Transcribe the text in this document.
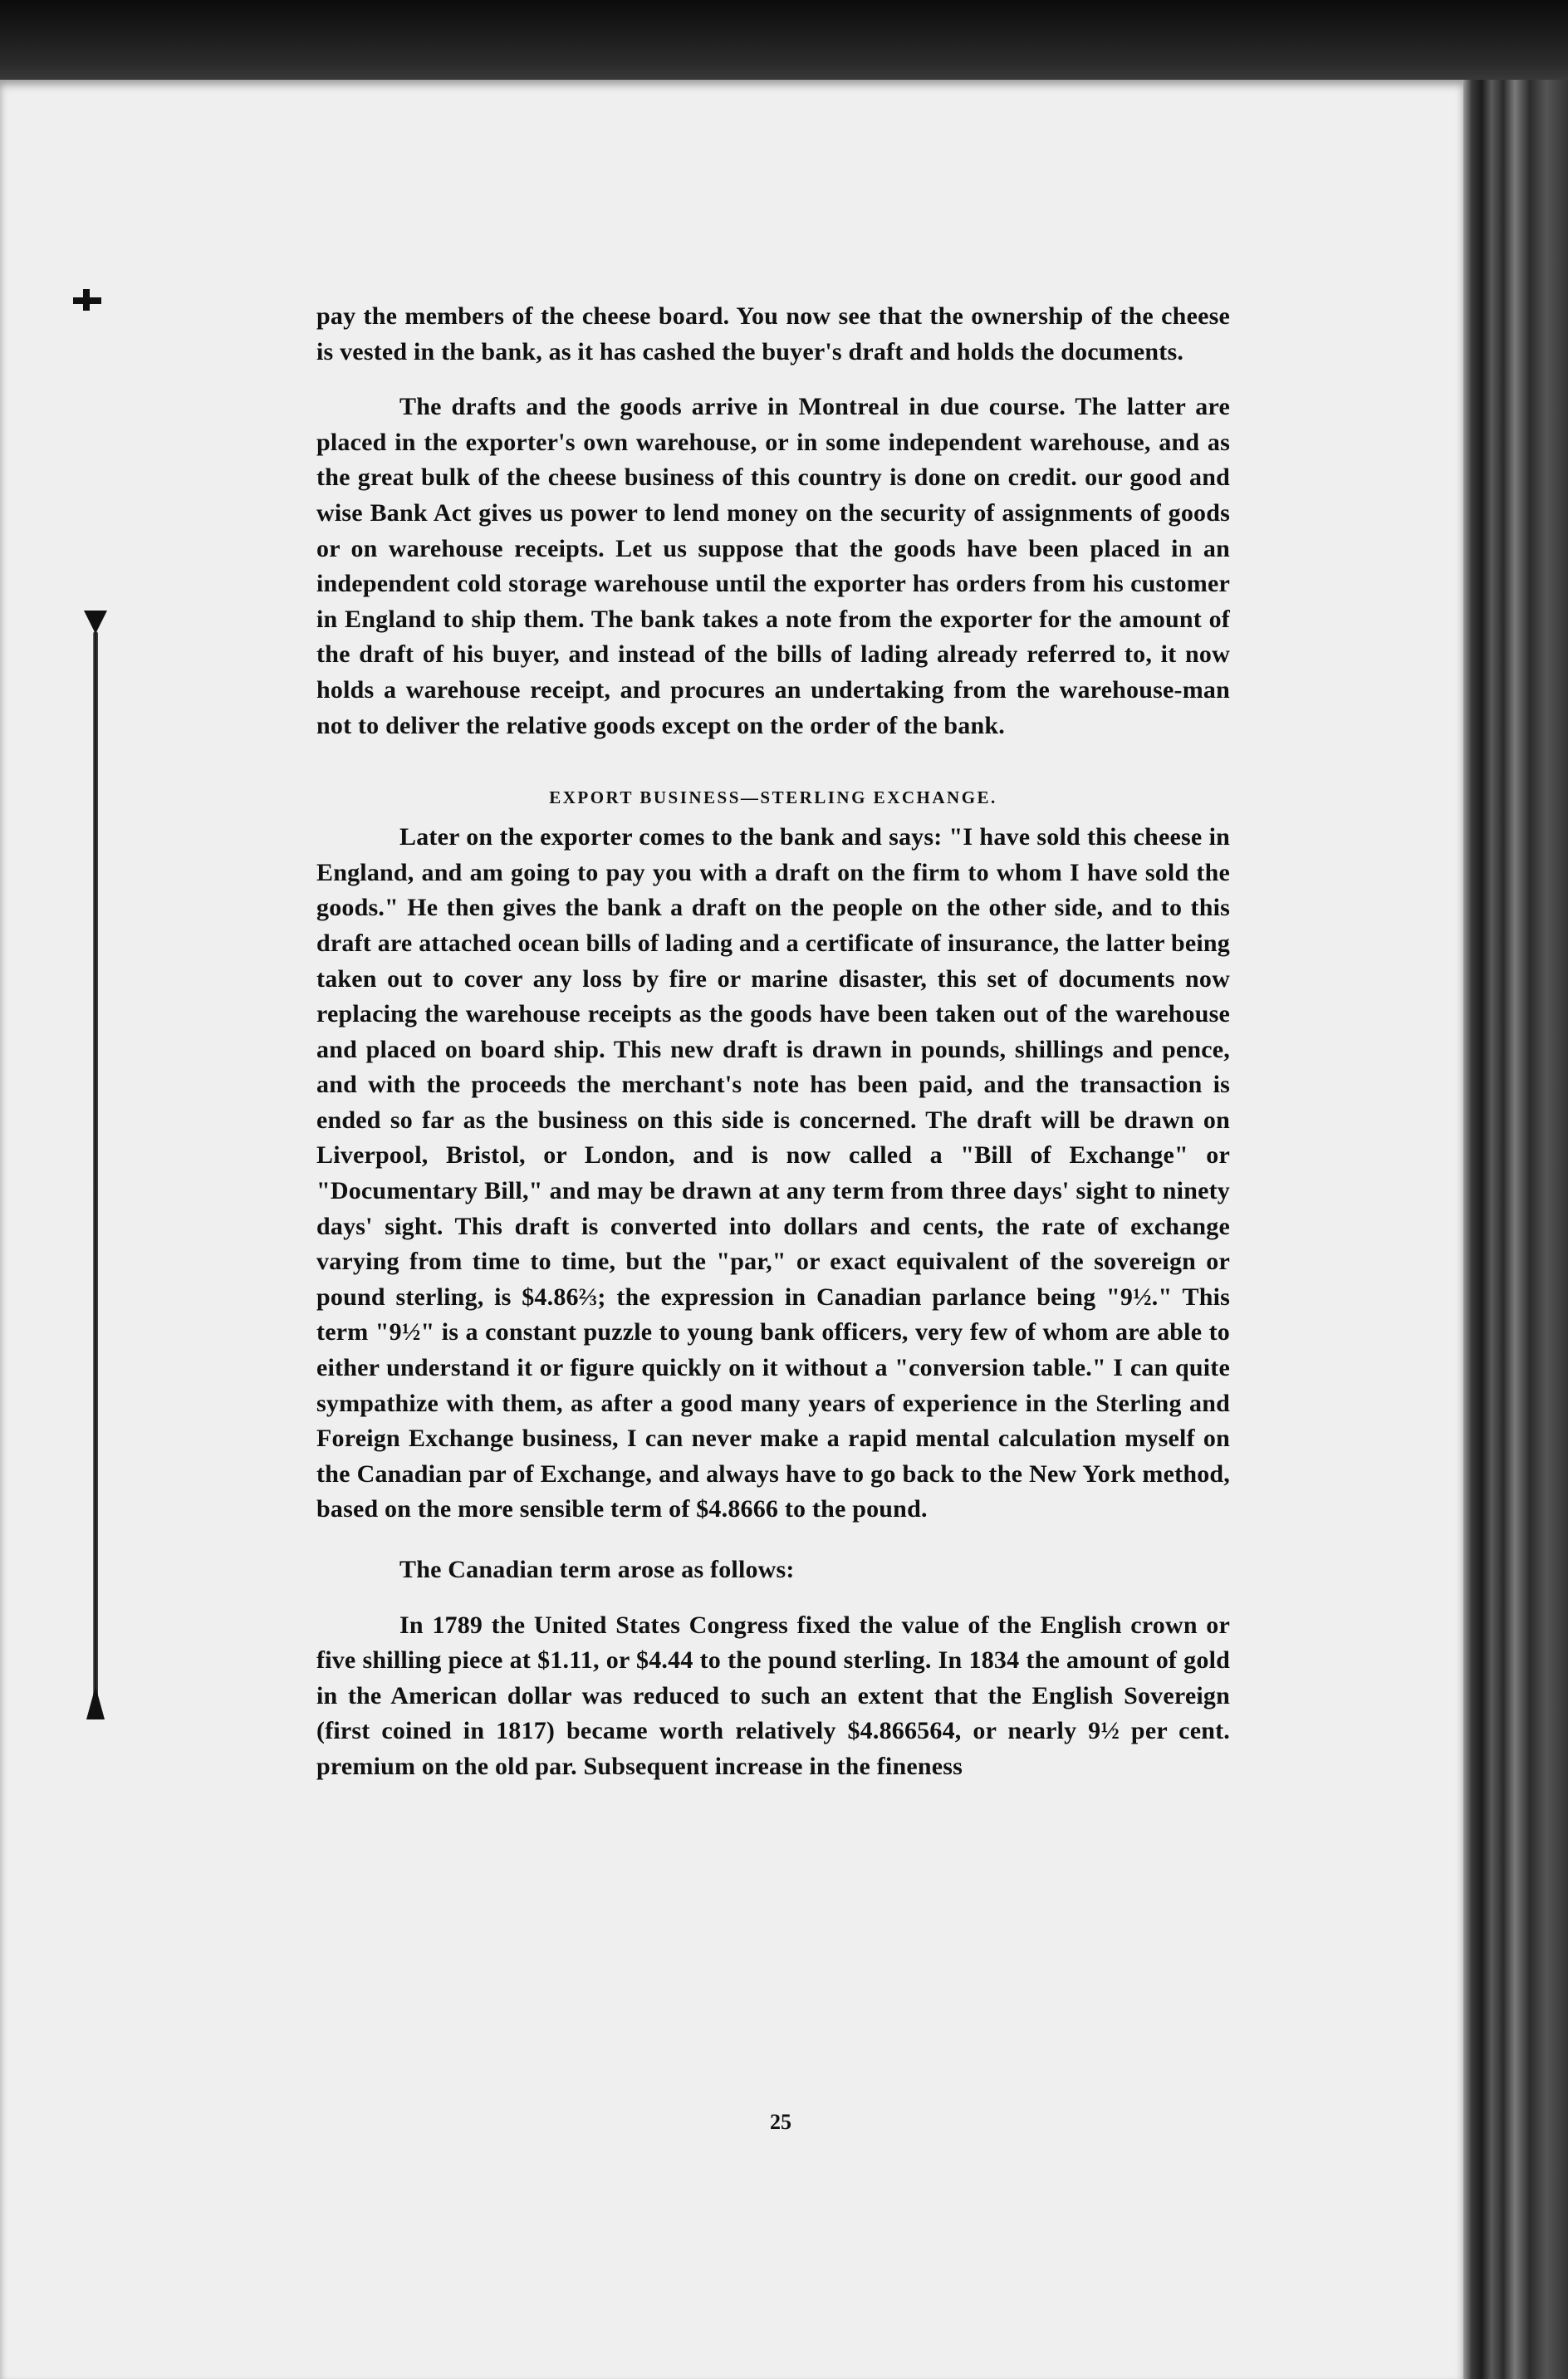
pay the members of the cheese board. You now see that the ownership of the cheese is vested in the bank, as it has cashed the buyer's draft and holds the documents.

The drafts and the goods arrive in Montreal in due course. The latter are placed in the exporter's own warehouse, or in some independent warehouse, and as the great bulk of the cheese business of this country is done on credit. our good and wise Bank Act gives us power to lend money on the security of assignments of goods or on warehouse receipts. Let us suppose that the goods have been placed in an independent cold storage warehouse until the exporter has orders from his customer in England to ship them. The bank takes a note from the exporter for the amount of the draft of his buyer, and instead of the bills of lading already referred to, it now holds a warehouse receipt, and procures an undertaking from the warehouse-man not to deliver the relative goods except on the order of the bank.

EXPORT BUSINESS—STERLING EXCHANGE.

Later on the exporter comes to the bank and says: "I have sold this cheese in England, and am going to pay you with a draft on the firm to whom I have sold the goods." He then gives the bank a draft on the people on the other side, and to this draft are attached ocean bills of lading and a certificate of insurance, the latter being taken out to cover any loss by fire or marine disaster, this set of documents now replacing the warehouse receipts as the goods have been taken out of the warehouse and placed on board ship. This new draft is drawn in pounds, shillings and pence, and with the proceeds the merchant's note has been paid, and the transaction is ended so far as the business on this side is concerned. The draft will be drawn on Liverpool, Bristol, or London, and is now called a "Bill of Exchange" or "Documentary Bill," and may be drawn at any term from three days' sight to ninety days' sight. This draft is converted into dollars and cents, the rate of exchange varying from time to time, but the "par," or exact equivalent of the sovereign or pound sterling, is $4.86⅔; the expression in Canadian parlance being "9½." This term "9½" is a constant puzzle to young bank officers, very few of whom are able to either understand it or figure quickly on it without a "conversion table." I can quite sympathize with them, as after a good many years of experience in the Sterling and Foreign Exchange business, I can never make a rapid mental calculation myself on the Canadian par of Exchange, and always have to go back to the New York method, based on the more sensible term of $4.8666 to the pound.

The Canadian term arose as follows:

In 1789 the United States Congress fixed the value of the English crown or five shilling piece at $1.11, or $4.44 to the pound sterling. In 1834 the amount of gold in the American dollar was reduced to such an extent that the English Sovereign (first coined in 1817) became worth relatively $4.866564, or nearly 9½ per cent. premium on the old par. Subsequent increase in the fineness

25
